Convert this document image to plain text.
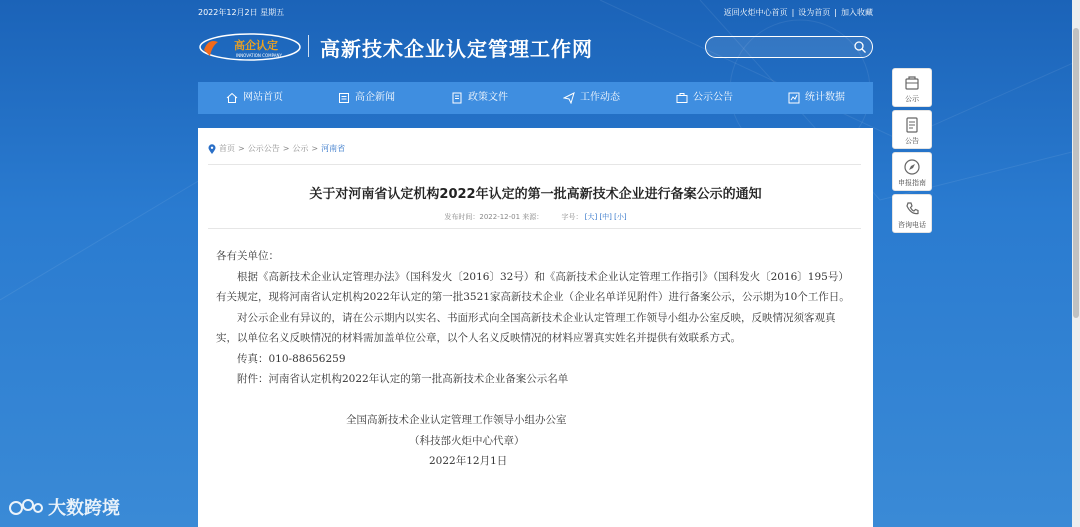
2022年12月2日 星期五	返回火炬中心首页 | 设为首页 | 加入收藏
高企认定
INNOVATION COMPANY 高新技术企业认定管理工作网
网站首页	高企新闻	政策文件	工作动态	公示公告	统计数据
首页 > 公示公告 > 公示 > 河南省
关于对河南省认定机构2022年认定的第一批高新技术企业进行备案公示的通知
发布时间：2022-12-01 来源：	字号： [大] [中] [小]

各有关单位：

根据《高新技术企业认定管理办法》（国科发火〔2016〕32号）和《高新技术企业认定管理工作指引》（国科发火〔2016〕195号）有关规定，现将河南省认定机构2022年认定的第一批3521家高新技术企业（企业名单详见附件）进行备案公示，公示期为10个工作日。

对公示企业有异议的，请在公示期内以实名、书面形式向全国高新技术企业认定管理工作领导小组办公室反映，反映情况须客观真实，以单位名义反映情况的材料需加盖单位公章，以个人名义反映情况的材料应署真实姓名并提供有效联系方式。

传真：010-88656259

附件：河南省认定机构2022年认定的第一批高新技术企业备案公示名单

全国高新技术企业认定管理工作领导小组办公室

（科技部火炬中心代章）

2022年12月1日

公示
公告
申报指南
咨询电话
大数跨境
